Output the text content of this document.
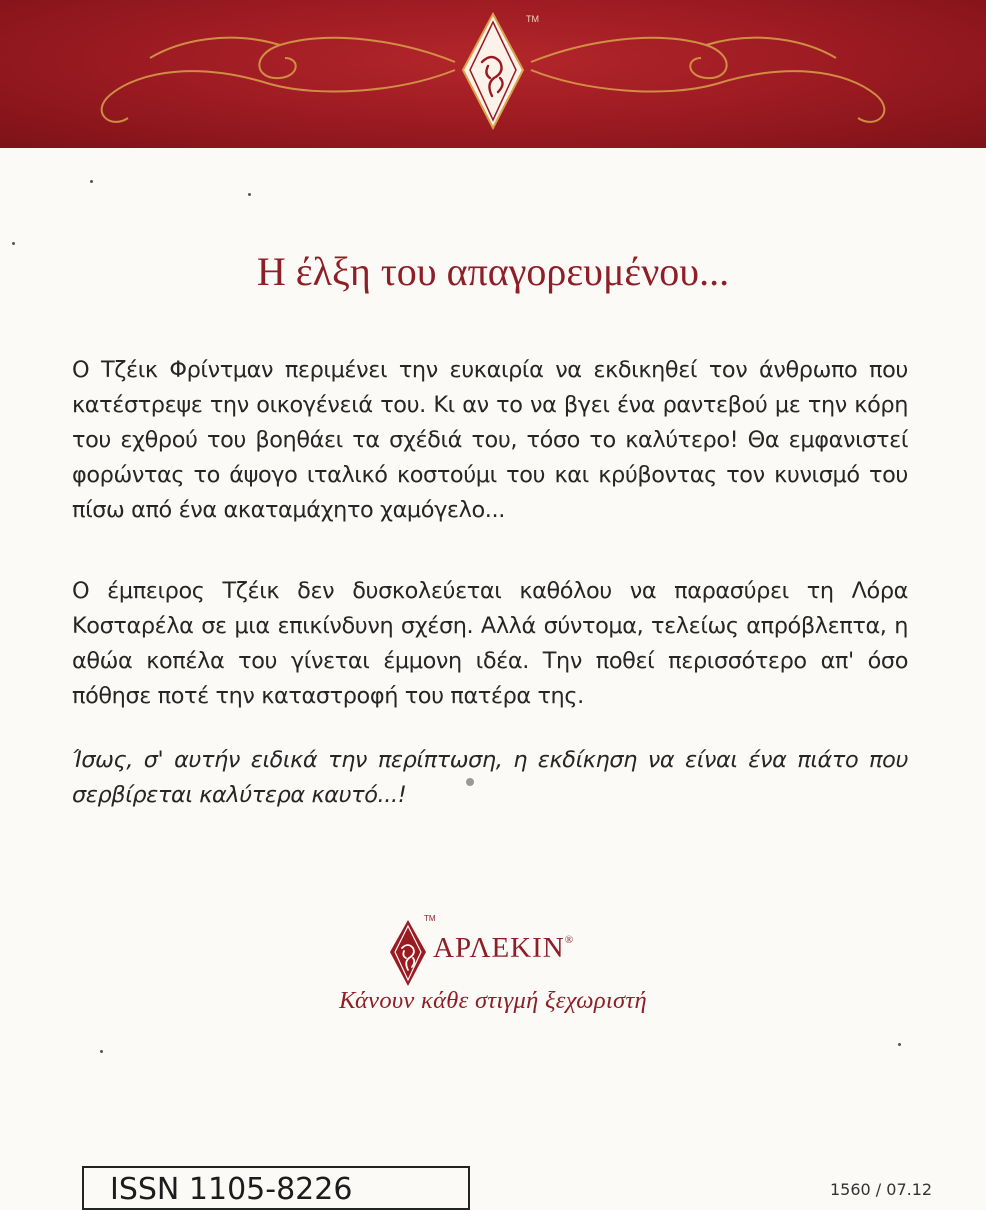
TM
Η έλξη του απαγορευμένου...

Ο Τζέικ Φρίντμαν περιμένει την ευκαιρία να εκδικηθεί τον άνθρωπο που κατέστρεψε την οικογένειά του. Κι αν το να βγει ένα ραντεβού με την κόρη του εχθρού του βοηθάει τα σχέδιά του, τόσο το καλύτερο! Θα εμφανιστεί φορώντας το άψογο ιταλικό κοστούμι του και κρύβοντας τον κυνισμό του πίσω από ένα ακαταμάχητο χαμόγελο...

Ο έμπειρος Τζέικ δεν δυσκολεύεται καθόλου να παρασύρει τη Λόρα Κοσταρέλα σε μια επικίνδυνη σχέση. Αλλά σύντομα, τελείως απρόβλεπτα, η αθώα κοπέλα του γίνεται έμμονη ιδέα. Την ποθεί περισσότερο απ' όσο πόθησε ποτέ την καταστροφή του πατέρα της.

Ίσως, σ' αυτήν ειδικά την περίπτωση, η εκδίκηση να είναι ένα πιάτο που σερβίρεται καλύτερα καυτό...!

TM

ΑΡΛΕΚΙΝ®

Κάνουν κάθε στιγμή ξεχωριστή

ISSN 1105-8226	1560 / 07.12
